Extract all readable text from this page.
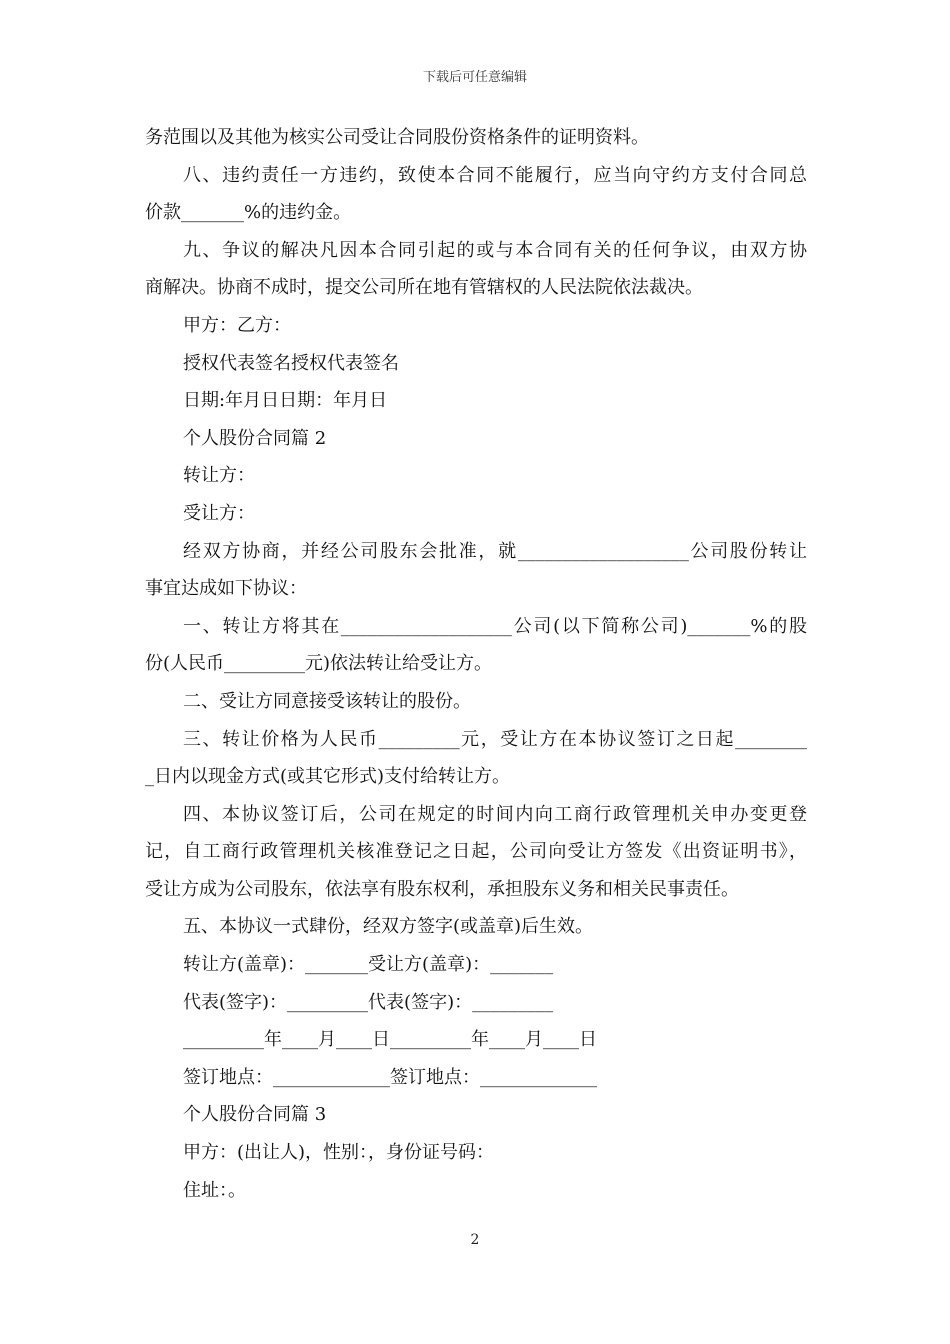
下载后可任意编辑
务范围以及其他为核实公司受让合同股份资格条件的证明资料。
八、违约责任一方违约，致使本合同不能履行，应当向守约方支付合同总
价款_______%的违约金。
九、争议的解决凡因本合同引起的或与本合同有关的任何争议，由双方协
商解决。协商不成时，提交公司所在地有管辖权的人民法院依法裁决。
甲方：乙方：
授权代表签名授权代表签名
日期:年月日日期：年月日
个人股份合同篇 2
转让方：
受让方：
经双方协商，并经公司股东会批准，就___________________公司股份转让
事宜达成如下协议：
一、转让方将其在___________________公司(以下简称公司)_______%的股
份(人民币_________元)依法转让给受让方。
二、受让方同意接受该转让的股份。
三、转让价格为人民币_________元，受让方在本协议签订之日起________
_日内以现金方式(或其它形式)支付给转让方。
四、本协议签订后，公司在规定的时间内向工商行政管理机关申办变更登
记，自工商行政管理机关核准登记之日起，公司向受让方签发《出资证明书》，
受让方成为公司股东，依法享有股东权利，承担股东义务和相关民事责任。
五、本协议一式肆份，经双方签字(或盖章)后生效。
转让方(盖章)：_______受让方(盖章)：_______
代表(签字)：_________代表(签字)：_________
_________年____月____日_________年____月____日
签订地点：_____________签订地点：_____________
个人股份合同篇 3
甲方：(出让人)，性别：，身份证号码：
住址：。
2
